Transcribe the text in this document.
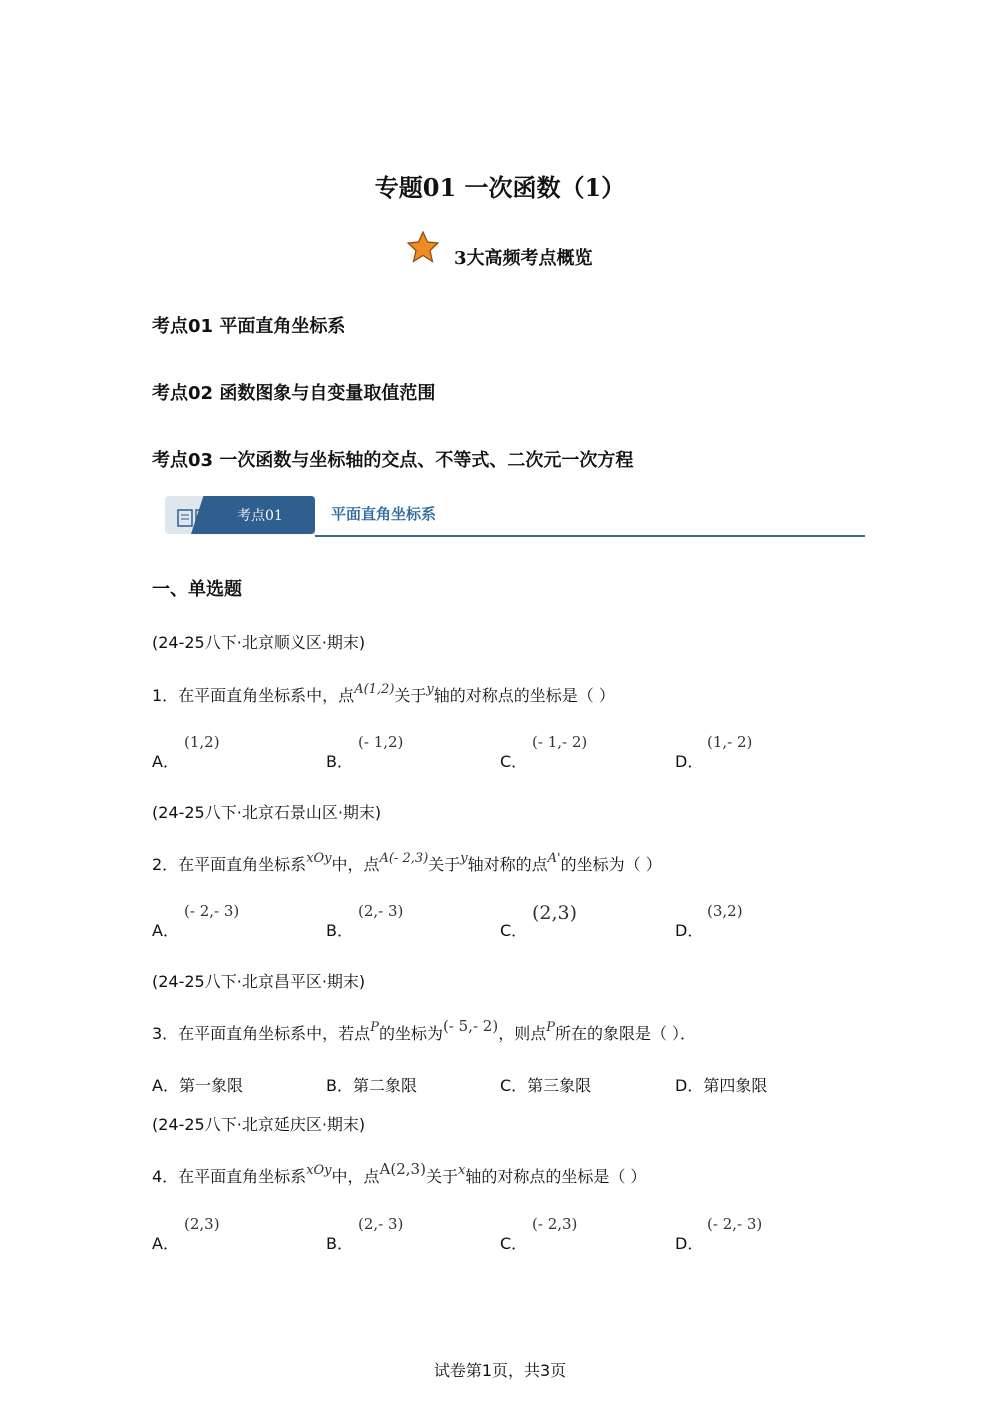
专题01 一次函数（1）
3大高频考点概览
考点01 平面直角坐标系
考点02 函数图象与自变量取值范围
考点03 一次函数与坐标轴的交点、不等式、二次元一次方程
考点01	平面直角坐标系
一、单选题
(24-25八下·北京顺义区·期末)
1．在平面直角坐标系中，点$^{A(1,2)}$关于$^y$轴的对称点的坐标是（ ）
A．
(1,2)
B．
(- 1,2)
C．
(- 1,- 2)
D．
(1,- 2)
(24-25八下·北京石景山区·期末)
2．在平面直角坐标系$^{xOy}$中，点$^{A(- 2,3)}$关于$^y$轴对称的点$^{A'}$的坐标为（ ）
A．
(- 2,- 3)
B．
(2,- 3)
C．
(2,3)
D．
(3,2)
(24-25八下·北京昌平区·期末)
3．在平面直角坐标系中，若点$^P$的坐标为(- 5,- 2)，则点$^P$所在的象限是（ ）．
A．第一象限	B．第二象限	C．第三象限	D．第四象限
(24-25八下·北京延庆区·期末)
4．在平面直角坐标系$^{xOy}$中，点A(2,3)关于$^x$轴的对称点的坐标是（ ）
A．
(2,3)
B．
(2,- 3)
C．
(- 2,3)
D．
(- 2,- 3)
试卷第1页，共3页
